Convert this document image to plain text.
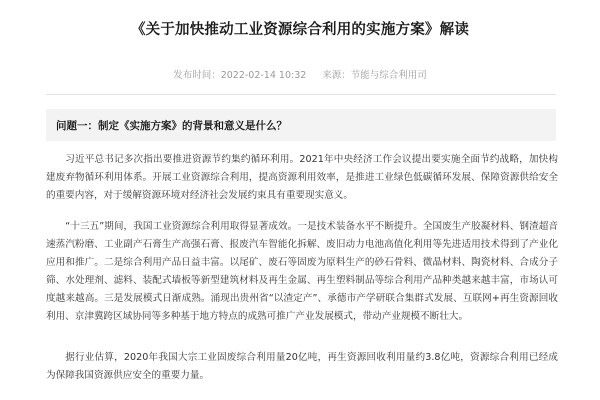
《关于加快推动工业资源综合利用的实施方案》解读
发布时间：2022-02-14 10:32 来源：节能与综合利用司
问题一：制定《实施方案》的背景和意义是什么？

习近平总书记多次指出要推进资源节约集约循环利用。2021年中央经济工作会议提出要实施全面节约战略，加快构建废弃物循环利用体系。开展工业资源综合利用，提高资源利用效率，是推进工业绿色低碳循环发展、保障资源供给安全的重要内容，对于缓解资源环境对经济社会发展约束具有重要现实意义。

“十三五”期间，我国工业资源综合利用取得显著成效。一是技术装备水平不断提升。全国废生产胶凝材料、钢渣超音速蒸汽粉磨、工业副产石膏生产高强石膏、报废汽车智能化拆解、废旧动力电池高值化利用等先进适用技术得到了产业化应用和推广。二是综合利用产品日益丰富。以尾矿、废石等固废为原料生产的砂石骨料、微晶材料、陶瓷材料、合成分子筛、水处理剂、滤料、装配式墙板等新型建筑材料及再生金属、再生塑料制品等综合利用产品种类越来越丰富，市场认可度越来越高。三是发展模式日渐成熟。涌现出贵州省“以渣定产”、承德市产学研联合集群式发展、互联网+再生资源回收利用、京津冀跨区域协同等多种基于地方特点的成熟可推广产业发展模式，带动产业规模不断壮大。

据行业估算，2020年我国大宗工业固废综合利用量20亿吨，再生资源回收利用量约3.8亿吨，资源综合利用已经成为保障我国资源供应安全的重要力量。
